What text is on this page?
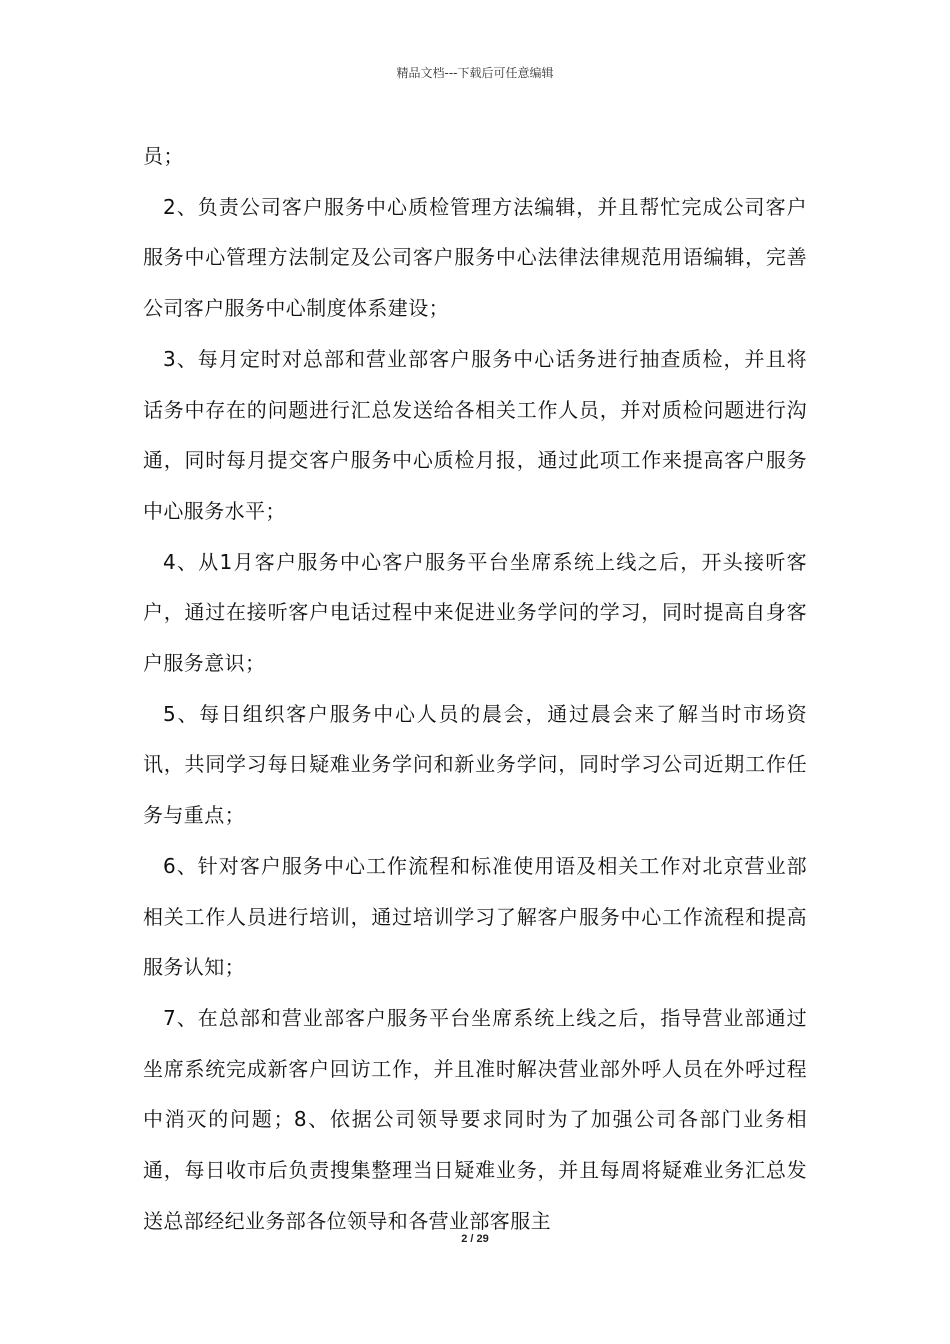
精品文档---下载后可任意编辑

员；

2、负责公司客户服务中心质检管理方法编辑，并且帮忙完成公司客户服务中心管理方法制定及公司客户服务中心法律法律规范用语编辑，完善公司客户服务中心制度体系建设；

3、每月定时对总部和营业部客户服务中心话务进行抽查质检，并且将话务中存在的问题进行汇总发送给各相关工作人员，并对质检问题进行沟通，同时每月提交客户服务中心质检月报，通过此项工作来提高客户服务中心服务水平；

4、从1月客户服务中心客户服务平台坐席系统上线之后，开头接听客户，通过在接听客户电话过程中来促进业务学问的学习，同时提高自身客户服务意识；

5、每日组织客户服务中心人员的晨会，通过晨会来了解当时市场资讯，共同学习每日疑难业务学问和新业务学问，同时学习公司近期工作任务与重点；

6、针对客户服务中心工作流程和标准使用语及相关工作对北京营业部相关工作人员进行培训，通过培训学习了解客户服务中心工作流程和提高服务认知；

7、在总部和营业部客户服务平台坐席系统上线之后，指导营业部通过坐席系统完成新客户回访工作，并且准时解决营业部外呼人员在外呼过程中消灭的问题；8、依据公司领导要求同时为了加强公司各部门业务相通，每日收市后负责搜集整理当日疑难业务，并且每周将疑难业务汇总发送总部经纪业务部各位领导和各营业部客服主

2 / 29
